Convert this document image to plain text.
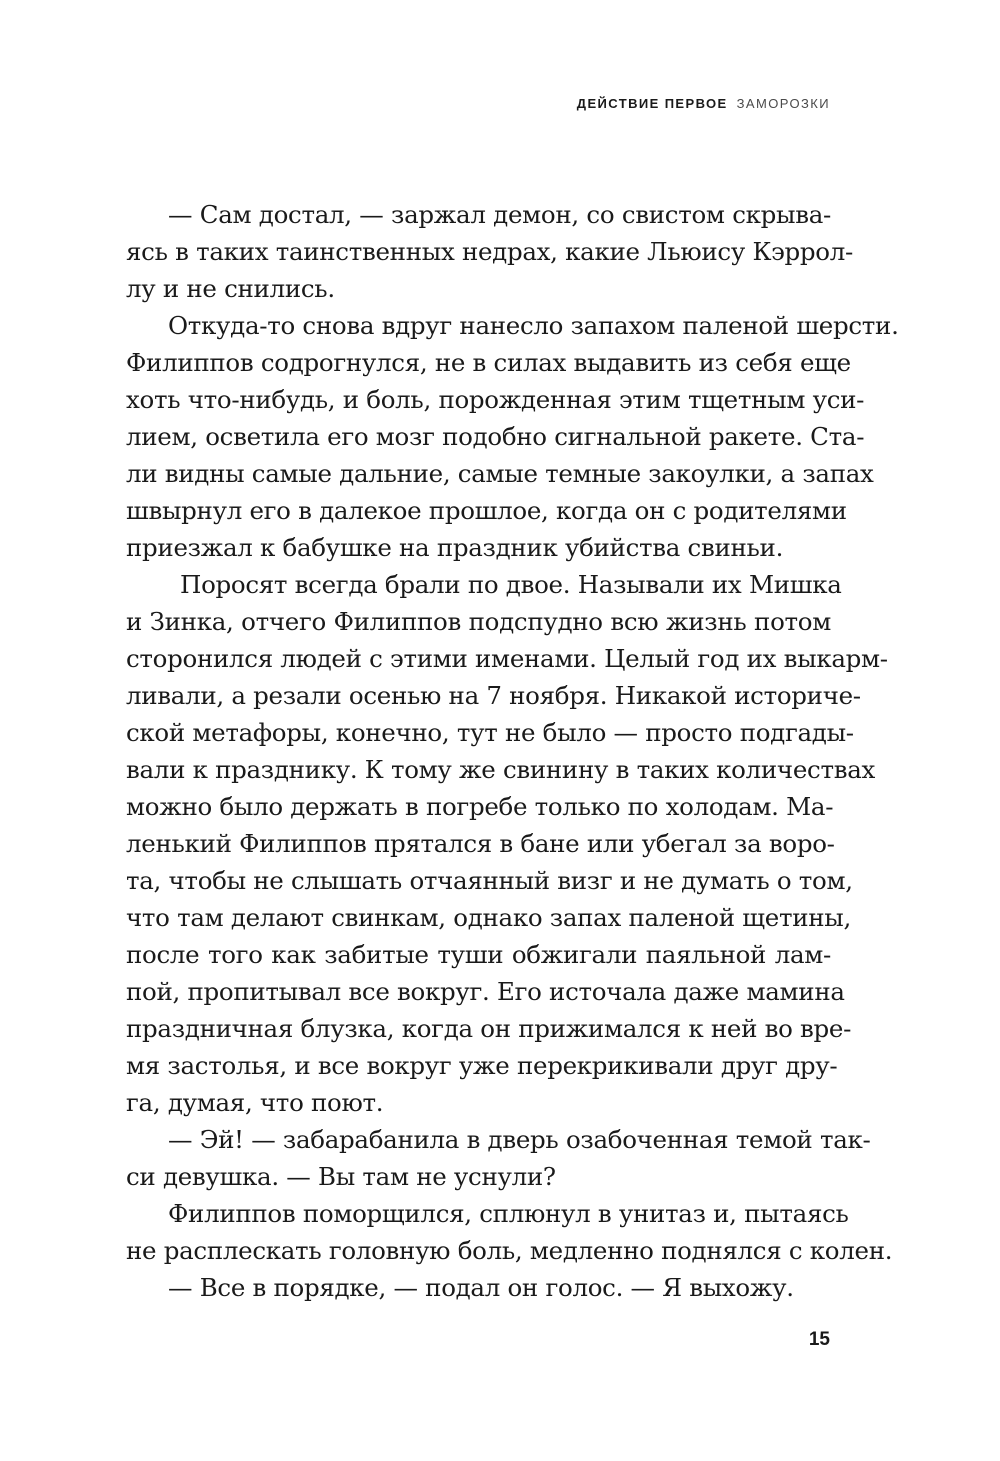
ДЕЙСТВИЕ ПЕРВОЕ ЗАМОРОЗКИ
— Сам достал, — заржал демон, со свистом скрыва-
ясь в таких таинственных недрах, какие Льюису Кэррол-
лу и не снились.
Откуда-то снова вдруг нанесло запахом паленой шерсти.
Филиппов содрогнулся, не в силах выдавить из себя еще
хоть что-нибудь, и боль, порожденная этим тщетным уси-
лием, осветила его мозг подобно сигнальной ракете. Ста-
ли видны самые дальние, самые темные закоулки, а запах
швырнул его в далекое прошлое, когда он с родителями
приезжал к бабушке на праздник убийства свиньи.
Поросят всегда брали по двое. Называли их Мишка
и Зинка, отчего Филиппов подспудно всю жизнь потом
сторонился людей с этими именами. Целый год их выкарм-
ливали, а резали осенью на 7 ноября. Никакой историче-
ской метафоры, конечно, тут не было — просто подгады-
вали к празднику. К тому же свинину в таких количествах
можно было держать в погребе только по холодам. Ма-
ленький Филиппов прятался в бане или убегал за воро-
та, чтобы не слышать отчаянный визг и не думать о том,
что там делают свинкам, однако запах паленой щетины,
после того как забитые туши обжигали паяльной лам-
пой, пропитывал все вокруг. Его источала даже мамина
праздничная блузка, когда он прижимался к ней во вре-
мя застолья, и все вокруг уже перекрикивали друг дру-
га, думая, что поют.
— Эй! — забарабанила в дверь озабоченная темой так-
си девушка. — Вы там не уснули?
Филиппов поморщился, сплюнул в унитаз и, пытаясь
не расплескать головную боль, медленно поднялся с колен.
— Все в порядке, — подал он голос. — Я выхожу.
15
